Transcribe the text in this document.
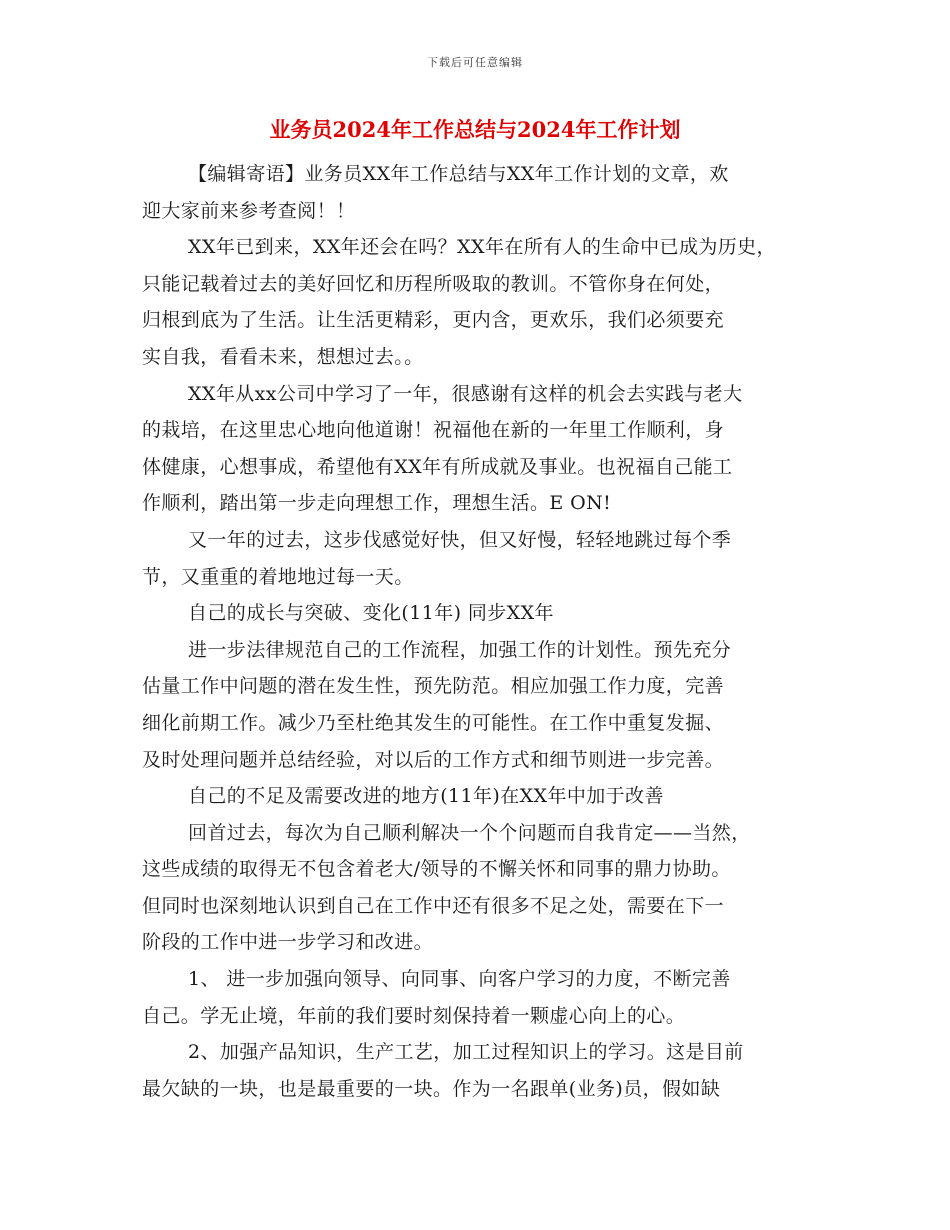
下载后可任意编辑
业务员2024年工作总结与2024年工作计划
【编辑寄语】业务员XX年工作总结与XX年工作计划的文章，欢
迎大家前来参考查阅！！
XX年已到来，XX年还会在吗？XX年在所有人的生命中已成为历史，
只能记载着过去的美好回忆和历程所吸取的教训。不管你身在何处，
归根到底为了生活。让生活更精彩，更内含，更欢乐，我们必须要充
实自我，看看未来，想想过去。。
XX年从xx公司中学习了一年，很感谢有这样的机会去实践与老大
的栽培，在这里忠心地向他道谢！祝福他在新的一年里工作顺利，身
体健康，心想事成，希望他有XX年有所成就及事业。也祝福自己能工
作顺利，踏出第一步走向理想工作，理想生活。E ON!
又一年的过去，这步伐感觉好快，但又好慢，轻轻地跳过每个季
节，又重重的着地地过每一天。
自己的成长与突破、变化(11年) 同步XX年
进一步法律规范自己的工作流程，加强工作的计划性。预先充分
估量工作中问题的潜在发生性，预先防范。相应加强工作力度，完善
细化前期工作。减少乃至杜绝其发生的可能性。在工作中重复发掘、
及时处理问题并总结经验，对以后的工作方式和细节则进一步完善。
自己的不足及需要改进的地方(11年)在XX年中加于改善
回首过去，每次为自己顺利解决一个个问题而自我肯定——当然，
这些成绩的取得无不包含着老大/领导的不懈关怀和同事的鼎力协助。
但同时也深刻地认识到自己在工作中还有很多不足之处，需要在下一
阶段的工作中进一步学习和改进。
1、 进一步加强向领导、向同事、向客户学习的力度，不断完善
自己。学无止境，年前的我们要时刻保持着一颗虚心向上的心。
2、加强产品知识，生产工艺，加工过程知识上的学习。这是目前
最欠缺的一块，也是最重要的一块。作为一名跟单(业务)员，假如缺
